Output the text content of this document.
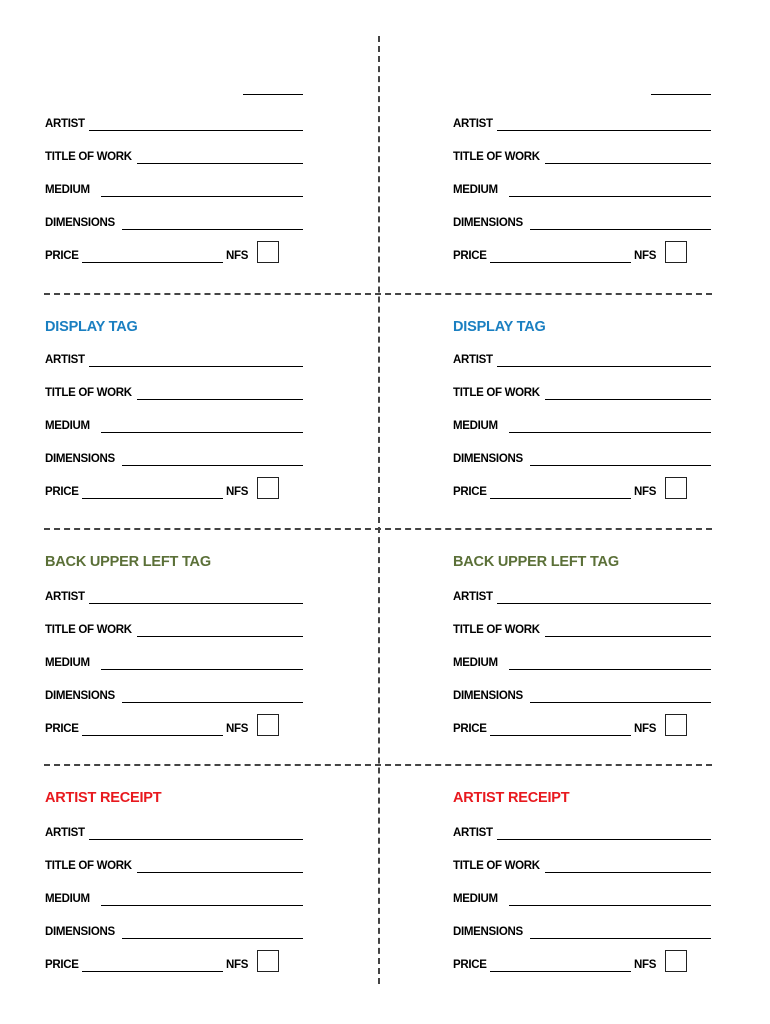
ARTIST
TITLE OF WORK
MEDIUM
DIMENSIONS
PRICE	NFS
ARTIST
TITLE OF WORK
MEDIUM
DIMENSIONS
PRICE	NFS
DISPLAY TAG
ARTIST
TITLE OF WORK
MEDIUM
DIMENSIONS
PRICE	NFS
DISPLAY TAG
ARTIST
TITLE OF WORK
MEDIUM
DIMENSIONS
PRICE	NFS
BACK UPPER LEFT TAG
ARTIST
TITLE OF WORK
MEDIUM
DIMENSIONS
PRICE	NFS
BACK UPPER LEFT TAG
ARTIST
TITLE OF WORK
MEDIUM
DIMENSIONS
PRICE	NFS
ARTIST RECEIPT
ARTIST
TITLE OF WORK
MEDIUM
DIMENSIONS
PRICE	NFS
ARTIST RECEIPT
ARTIST
TITLE OF WORK
MEDIUM
DIMENSIONS
PRICE	NFS
